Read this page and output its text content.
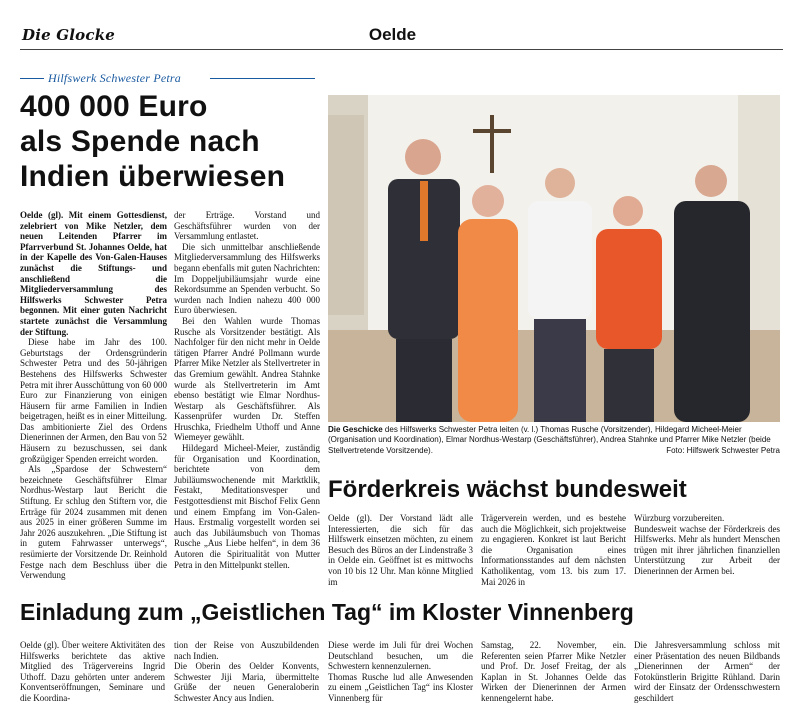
Die Glocke	Oelde
Hilfswerk Schwester Petra
400 000 Euro
als Spende nach
Indien überwiesen

Oelde (gl). Mit einem Gottesdienst, zelebriert von Mike Netzler, dem neuen Leitenden Pfarrer im Pfarrverbund St. Johannes Oelde, hat in der Kapelle des Von-Galen-Hauses zunächst die Stiftungs- und anschließend die Mitgliederversammlung des Hilfswerks Schwester Petra begonnen. Mit einer guten Nachricht startete zunächst die Versammlung der Stiftung.

Diese habe im Jahr des 100. Geburtstags der Ordensgründerin Schwester Petra und des 50-jährigen Bestehens des Hilfswerks Schwester Petra mit ihrer Ausschüttung von 60 000 Euro zur Finanzierung von einigen Häusern für arme Familien in Indien beigetragen, heißt es in einer Mitteilung. Das ambitionierte Ziel des Ordens Dienerinnen der Armen, den Bau von 52 Häusern zu bezuschussen, sei dank großzügiger Spenden erreicht worden.

Als „Spardose der Schwestern“ bezeichnete Geschäftsführer Elmar Nordhus-Westarp laut Bericht die Stiftung. Er schlug den Stiftern vor, die Erträge für 2024 zusammen mit denen aus 2025 in einer größeren Summe im Jahr 2026 auszukehren. „Die Stiftung ist in gutem Fahrwasser unterwegs“, resümierte der Vorsitzende Dr. Reinhold Festge nach dem Beschluss über die Verwendung

der Erträge. Vorstand und Geschäftsführer wurden von der Versammlung entlastet.

Die sich unmittelbar anschließende Mitgliederversammlung des Hilfswerks begann ebenfalls mit guten Nachrichten: Im Doppeljubiläumsjahr wurde eine Rekordsumme an Spenden verbucht. So wurden nach Indien nahezu 400 000 Euro überwiesen.

Bei den Wahlen wurde Thomas Rusche als Vorsitzender bestätigt. Als Nachfolger für den nicht mehr in Oelde tätigen Pfarrer André Pollmann wurde Pfarrer Mike Netzler als Stellvertreter in das Gremium gewählt. Andrea Stahnke wurde als Stellvertreterin im Amt ebenso bestätigt wie Elmar Nordhus-Westarp als Geschäftsführer. Als Kassenprüfer wurden Dr. Steffen Hruschka, Friedhelm Uthoff und Anne Wiemeyer gewählt.

Hildegard Micheel-Meier, zuständig für Organisation und Koordination, berichtete von dem Jubiläumswochenende mit Marktklik, Festakt, Meditationsvesper und Festgottesdienst mit Bischof Felix Genn und einem Empfang im Von-Galen-Haus. Erstmalig vorgestellt worden sei auch das Jubiläumsbuch von Thomas Rusche „Aus Liebe helfen“, in dem 36 Autoren die Spiritualität von Mutter Petra in den Mittelpunkt stellen.

Die Geschicke des Hilfswerks Schwester Petra leiten (v. l.) Thomas Rusche (Vorsitzender), Hildegard Micheel-Meier (Organisation und Koordination), Elmar Nordhus-Westarp (Geschäftsführer), Andrea Stahnke und Pfarrer Mike Netzler (beide Stellvertretende Vorsitzende).	Foto: Hilfswerk Schwester Petra
Förderkreis wächst bundesweit

Oelde (gl). Der Vorstand lädt alle Interessierten, die sich für das Hilfswerk einsetzen möchten, zu einem Besuch des Büros an der Lindenstraße 3 in Oelde ein. Geöffnet ist es mittwochs von 10 bis 12 Uhr. Man könne Mitglied im

Trägerverein werden, und es bestehe auch die Möglichkeit, sich projektweise zu engagieren. Konkret ist laut Bericht die Organisation eines Informationsstandes auf dem nächsten Katholikentag, vom 13. bis zum 17. Mai 2026 in

Würzburg vorzubereiten.
Bundesweit wachse der Förderkreis des Hilfswerks. Mehr als hundert Menschen trügen mit ihrer jährlichen finanziellen Unterstützung zur Arbeit der Dienerinnen der Armen bei.

Einladung zum „Geistlichen Tag“ im Kloster Vinnenberg

Oelde (gl). Über weitere Aktivitäten des Hilfswerks berichtete das aktive Mitglied des Trägervereins Ingrid Uthoff. Dazu gehörten unter anderem Konventseröffnungen, Seminare und die Koordina-

tion der Reise von Auszubildenden nach Indien.
Die Oberin des Oelder Konvents, Schwester Jiji Maria, übermittelte Grüße der neuen Generaloberin Schwester Ancy aus Indien.

Diese werde im Juli für drei Wochen Deutschland besuchen, um die Schwestern kennenzulernen.
Thomas Rusche lud alle Anwesenden zu einem „Geistlichen Tag“ ins Kloster Vinnenberg für

Samstag, 22. November, ein. Referenten seien Pfarrer Mike Netzler und Prof. Dr. Josef Freitag, der als Kaplan in St. Johannes Oelde das Wirken der Dienerinnen der Armen kennengelernt habe.

Die Jahresversammlung schloss mit einer Präsentation des neuen Bildbands „Dienerinnen der Armen“ der Fotokünstlerin Brigitte Rühland. Darin wird der Einsatz der Ordensschwestern geschildert
